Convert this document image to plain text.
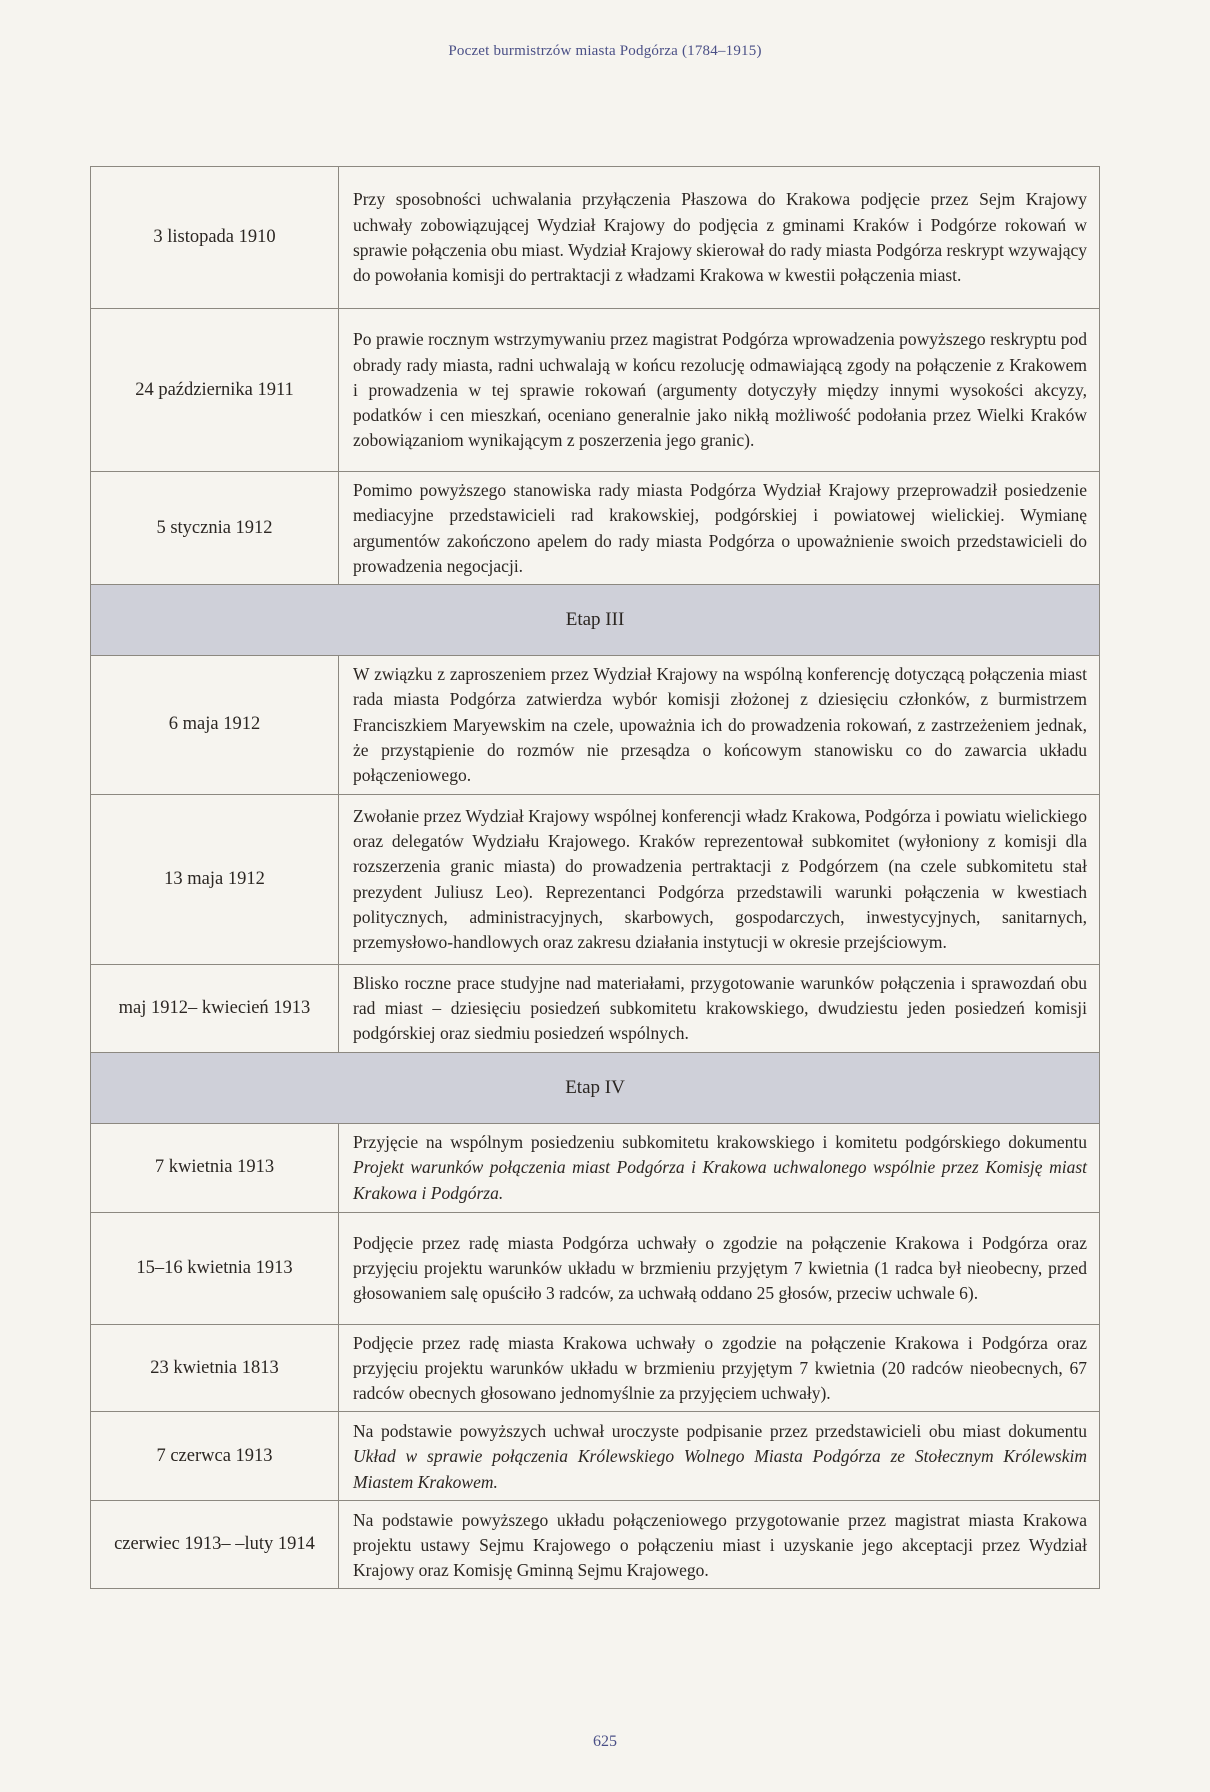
Poczet burmistrzów miasta Podgórza (1784–1915)
3 listopada 1910	Przy sposobności uchwalania przyłączenia Płaszowa do Krakowa podjęcie przez Sejm Krajowy uchwały zobowiązującej Wydział Krajowy do podjęcia z gminami Kraków i Podgórze rokowań w sprawie połączenia obu miast. Wydział Krajowy skierował do rady miasta Podgórza reskrypt wzywający do powołania komisji do pertraktacji z władzami Krakowa w kwestii połączenia miast.
24 października 1911	Po prawie rocznym wstrzymywaniu przez magistrat Podgórza wprowadzenia powyższego reskryptu pod obrady rady miasta, radni uchwalają w końcu rezolucję odmawiającą zgody na połączenie z Krakowem i prowadzenia w tej sprawie rokowań (argumenty dotyczyły między innymi wysokości akcyzy, podatków i cen mieszkań, oceniano generalnie jako nikłą możliwość podołania przez Wielki Kraków zobowiązaniom wynikającym z poszerzenia jego granic).
5 stycznia 1912	Pomimo powyższego stanowiska rady miasta Podgórza Wydział Krajowy przeprowadził posiedzenie mediacyjne przedstawicieli rad krakowskiej, podgórskiej i powiatowej wielickiej. Wymianę argumentów zakończono apelem do rady miasta Podgórza o upoważnienie swoich przedstawicieli do prowadzenia negocjacji.
Etap III	
6 maja 1912	W związku z zaproszeniem przez Wydział Krajowy na wspólną konferencję dotyczącą połączenia miast rada miasta Podgórza zatwierdza wybór komisji złożonej z dziesięciu członków, z burmistrzem Franciszkiem Maryewskim na czele, upoważnia ich do prowadzenia rokowań, z zastrzeżeniem jednak, że przystąpienie do rozmów nie przesądza o końcowym stanowisku co do zawarcia układu połączeniowego.
13 maja 1912	Zwołanie przez Wydział Krajowy wspólnej konferencji władz Krakowa, Podgórza i powiatu wielickiego oraz delegatów Wydziału Krajowego. Kraków reprezentował subkomitet (wyłoniony z komisji dla rozszerzenia granic miasta) do prowadzenia pertraktacji z Podgórzem (na czele subkomitetu stał prezydent Juliusz Leo). Reprezentanci Podgórza przedstawili warunki połączenia w kwestiach politycznych, administracyjnych, skarbowych, gospodarczych, inwestycyjnych, sanitarnych, przemysłowo-handlowych oraz zakresu działania instytucji w okresie przejściowym.
maj 1912– kwiecień 1913	Blisko roczne prace studyjne nad materiałami, przygotowanie warunków połączenia i sprawozdań obu rad miast – dziesięciu posiedzeń subkomitetu krakowskiego, dwudziestu jeden posiedzeń komisji podgórskiej oraz siedmiu posiedzeń wspólnych.
Etap IV	
7 kwietnia 1913	Przyjęcie na wspólnym posiedzeniu subkomitetu krakowskiego i komitetu podgórskiego dokumentu Projekt warunków połączenia miast Podgórza i Krakowa uchwalonego wspólnie przez Komisję miast Krakowa i Podgórza.
15–16 kwietnia 1913	Podjęcie przez radę miasta Podgórza uchwały o zgodzie na połączenie Krakowa i Podgórza oraz przyjęciu projektu warunków układu w brzmieniu przyjętym 7 kwietnia (1 radca był nieobecny, przed głosowaniem salę opuściło 3 radców, za uchwałą oddano 25 głosów, przeciw uchwale 6).
23 kwietnia 1813	Podjęcie przez radę miasta Krakowa uchwały o zgodzie na połączenie Krakowa i Podgórza oraz przyjęciu projektu warunków układu w brzmieniu przyjętym 7 kwietnia (20 radców nieobecnych, 67 radców obecnych głosowano jednomyślnie za przyjęciem uchwały).
7 czerwca 1913	Na podstawie powyższych uchwał uroczyste podpisanie przez przedstawicieli obu miast dokumentu Układ w sprawie połączenia Królewskiego Wolnego Miasta Podgórza ze Stołecznym Królewskim Miastem Krakowem.
czerwiec 1913– –luty 1914	Na podstawie powyższego układu połączeniowego przygotowanie przez magistrat miasta Krakowa projektu ustawy Sejmu Krajowego o połączeniu miast i uzyskanie jego akceptacji przez Wydział Krajowy oraz Komisję Gminną Sejmu Krajowego.
625
